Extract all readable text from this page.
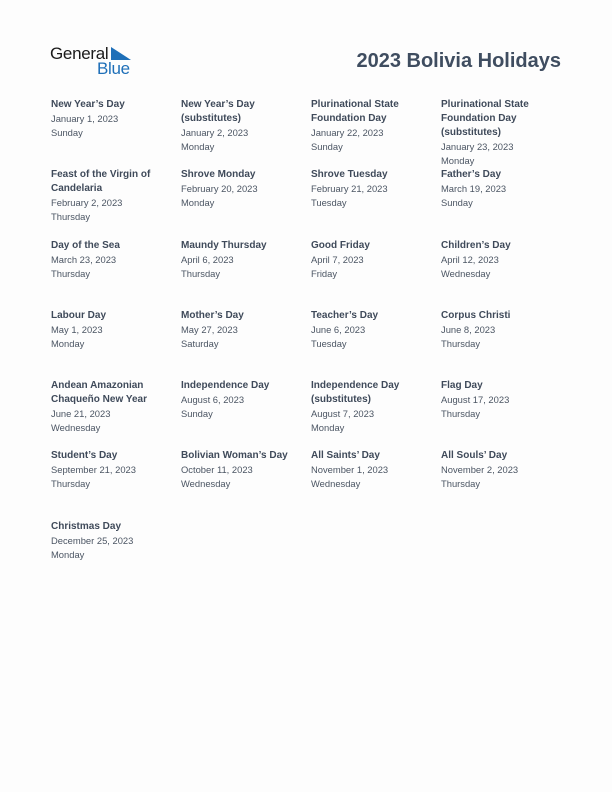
General
Blue	2023 Bolivia Holidays
New Year’s Day
January 1, 2023
Sunday
New Year’s Day (substitutes)
January 2, 2023
Monday
Plurinational State Foundation Day
January 22, 2023
Sunday
Plurinational State Foundation Day (substitutes)
January 23, 2023
Monday
Feast of the Virgin of Candelaria
February 2, 2023
Thursday
Shrove Monday
February 20, 2023
Monday
Shrove Tuesday
February 21, 2023
Tuesday
Father’s Day
March 19, 2023
Sunday
Day of the Sea
March 23, 2023
Thursday
Maundy Thursday
April 6, 2023
Thursday
Good Friday
April 7, 2023
Friday
Children’s Day
April 12, 2023
Wednesday
Labour Day
May 1, 2023
Monday
Mother’s Day
May 27, 2023
Saturday
Teacher’s Day
June 6, 2023
Tuesday
Corpus Christi
June 8, 2023
Thursday
Andean Amazonian Chaqueño New Year
June 21, 2023
Wednesday
Independence Day
August 6, 2023
Sunday
Independence Day (substitutes)
August 7, 2023
Monday
Flag Day
August 17, 2023
Thursday
Student’s Day
September 21, 2023
Thursday
Bolivian Woman’s Day
October 11, 2023
Wednesday
All Saints’ Day
November 1, 2023
Wednesday
All Souls’ Day
November 2, 2023
Thursday
Christmas Day
December 25, 2023
Monday
